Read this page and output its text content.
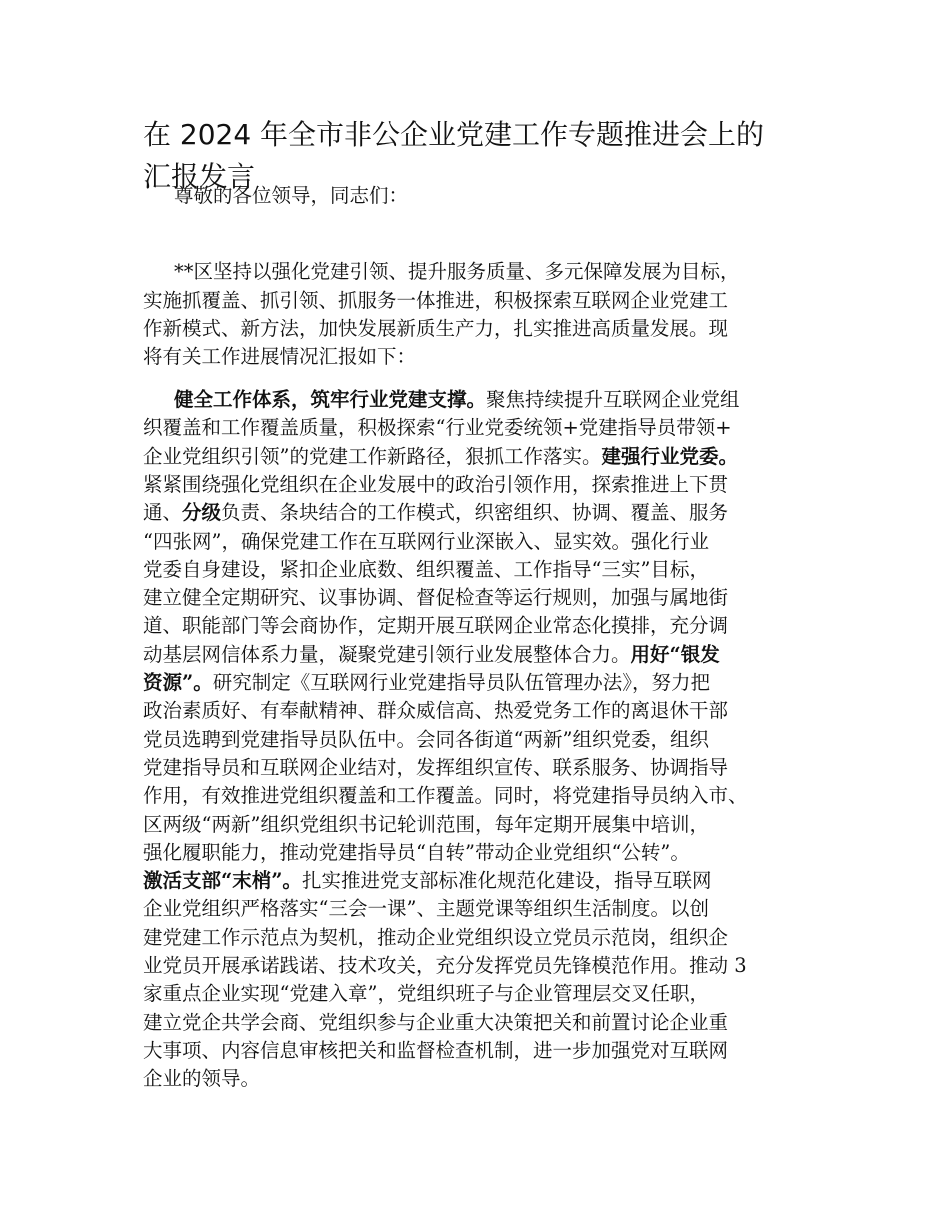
在 2024 年全市非公企业党建工作专题推进会上的
汇报发言
尊敬的各位领导，同志们：
**区坚持以强化党建引领、提升服务质量、多元保障发展为目标，
实施抓覆盖、抓引领、抓服务一体推进，积极探索互联网企业党建工
作新模式、新方法，加快发展新质生产力，扎实推进高质量发展。现
将有关工作进展情况汇报如下：
健全工作体系，筑牢行业党建支撑。聚焦持续提升互联网企业党组
织覆盖和工作覆盖质量，积极探索“行业党委统领+党建指导员带领+
企业党组织引领”的党建工作新路径，狠抓工作落实。建强行业党委。
紧紧围绕强化党组织在企业发展中的政治引领作用，探索推进上下贯
通、分级负责、条块结合的工作模式，织密组织、协调、覆盖、服务
“四张网”，确保党建工作在互联网行业深嵌入、显实效。强化行业
党委自身建设，紧扣企业底数、组织覆盖、工作指导“三实”目标，
建立健全定期研究、议事协调、督促检查等运行规则，加强与属地街
道、职能部门等会商协作，定期开展互联网企业常态化摸排，充分调
动基层网信体系力量，凝聚党建引领行业发展整体合力。用好“银发
资源”。研究制定《互联网行业党建指导员队伍管理办法》，努力把
政治素质好、有奉献精神、群众威信高、热爱党务工作的离退休干部
党员选聘到党建指导员队伍中。会同各街道“两新”组织党委，组织
党建指导员和互联网企业结对，发挥组织宣传、联系服务、协调指导
作用，有效推进党组织覆盖和工作覆盖。同时，将党建指导员纳入市、
区两级“两新”组织党组织书记轮训范围，每年定期开展集中培训，
强化履职能力，推动党建指导员“自转”带动企业党组织“公转”。
激活支部“末梢”。扎实推进党支部标准化规范化建设，指导互联网
企业党组织严格落实“三会一课”、主题党课等组织生活制度。以创
建党建工作示范点为契机，推动企业党组织设立党员示范岗，组织企
业党员开展承诺践诺、技术攻关，充分发挥党员先锋模范作用。推动 3
家重点企业实现“党建入章”，党组织班子与企业管理层交叉任职，
建立党企共学会商、党组织参与企业重大决策把关和前置讨论企业重
大事项、内容信息审核把关和监督检查机制，进一步加强党对互联网
企业的领导。
